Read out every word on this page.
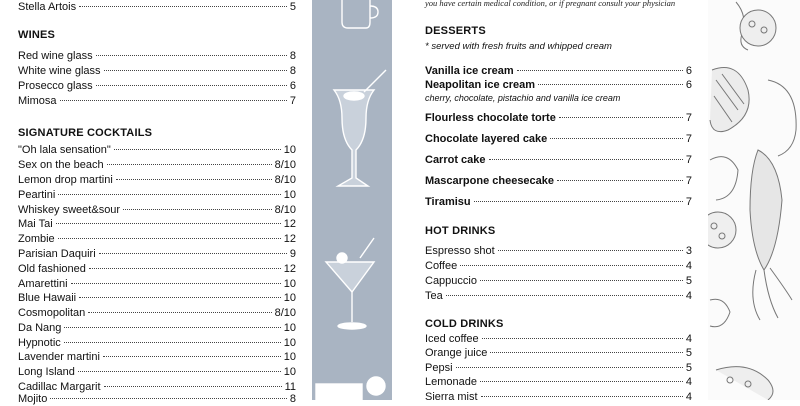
you have certain medical condition, or if pregnant consult your physician
Stella Artois	5
WINES
Red wine glass	8
White wine glass	8
Prosecco glass	6
Mimosa	7
SIGNATURE COCKTAILS
"Oh lala sensation"	10
Sex on the beach	8/10
Lemon drop martini	8/10
Peartini	10
Whiskey sweet&sour	8/10
Mai Tai	12
Zombie	12
Parisian Daquiri	9
Old fashioned	12
Amarettini	10
Blue Hawaii	10
Cosmopolitan	8/10
Da Nang	10
Hypnotic	10
Lavender martini	10
Long Island	10
Cadillac Margarit	11
Mojito	8
DESSERTS
* served with fresh fruits and whipped cream
Vanilla ice cream	6
Neapolitan ice cream	6
cherry, chocolate, pistachio and vanilla ice cream
Flourless chocolate torte	7
Chocolate layered cake	7
Carrot cake	7
Mascarpone cheesecake	7
Tiramisu	7
HOT DRINKS
Espresso shot	3
Coffee	4
Cappuccio	5
Tea	4
COLD DRINKS
Iced coffee	4
Orange juice	5
Pepsi	5
Lemonade	4
Sierra mist	4
